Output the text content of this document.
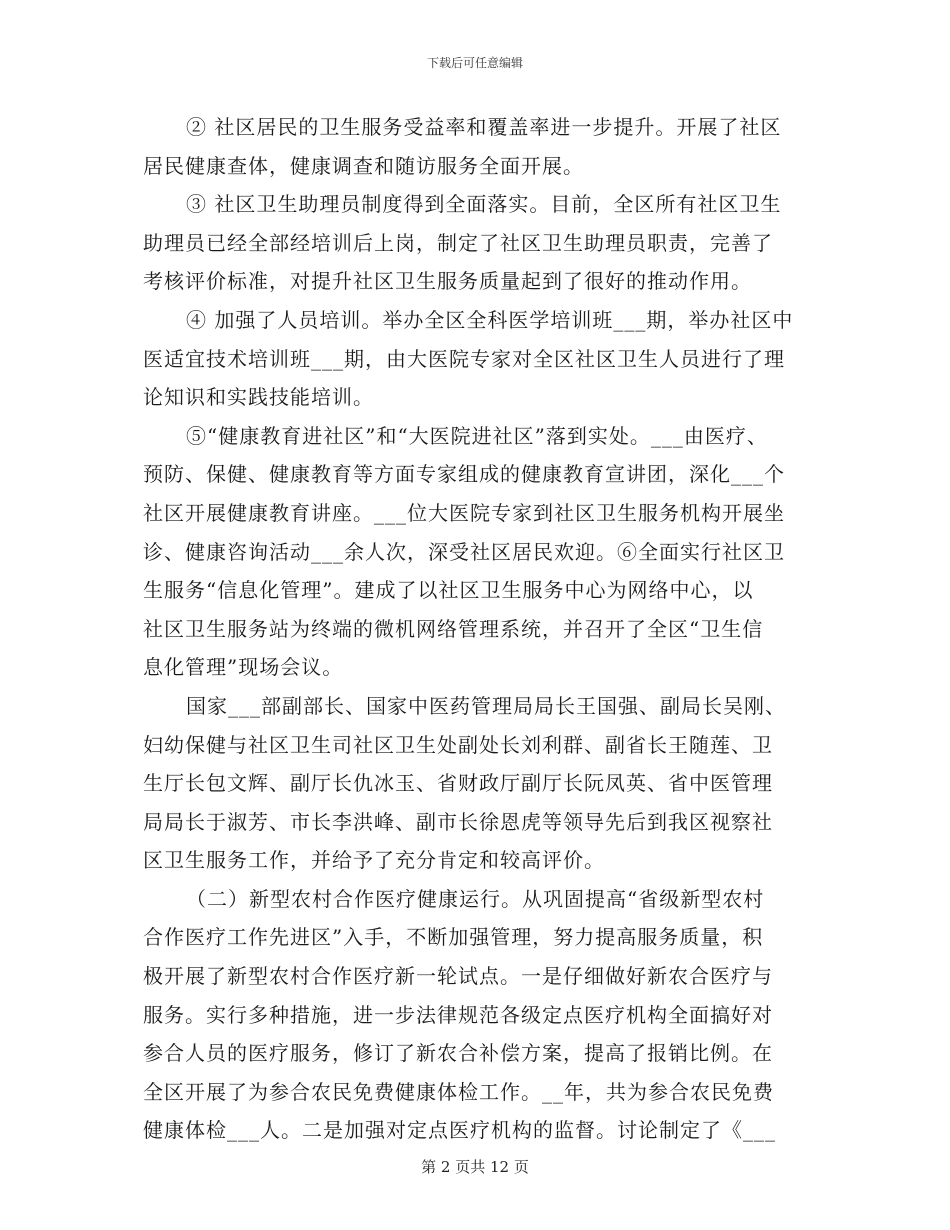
下载后可任意编辑
② 社区居民的卫生服务受益率和覆盖率进一步提升。开展了社区
居民健康查体，健康调查和随访服务全面开展。
③ 社区卫生助理员制度得到全面落实。目前，全区所有社区卫生
助理员已经全部经培训后上岗，制定了社区卫生助理员职责，完善了
考核评价标准，对提升社区卫生服务质量起到了很好的推动作用。
④ 加强了人员培训。举办全区全科医学培训班___期，举办社区中
医适宜技术培训班___期，由大医院专家对全区社区卫生人员进行了理
论知识和实践技能培训。
⑤“健康教育进社区”和“大医院进社区”落到实处。___由医疗、
预防、保健、健康教育等方面专家组成的健康教育宣讲团，深化___个
社区开展健康教育讲座。___位大医院专家到社区卫生服务机构开展坐
诊、健康咨询活动___余人次，深受社区居民欢迎。⑥全面实行社区卫
生服务“信息化管理”。建成了以社区卫生服务中心为网络中心，以
社区卫生服务站为终端的微机网络管理系统，并召开了全区“卫生信
息化管理”现场会议。
国家___部副部长、国家中医药管理局局长王国强、副局长吴刚、
妇幼保健与社区卫生司社区卫生处副处长刘利群、副省长王随莲、卫
生厅长包文辉、副厅长仇冰玉、省财政厅副厅长阮凤英、省中医管理
局局长于淑芳、市长李洪峰、副市长徐恩虎等领导先后到我区视察社
区卫生服务工作，并给予了充分肯定和较高评价。
（二）新型农村合作医疗健康运行。从巩固提高“省级新型农村
合作医疗工作先进区”入手，不断加强管理，努力提高服务质量，积
极开展了新型农村合作医疗新一轮试点。一是仔细做好新农合医疗与
服务。实行多种措施，进一步法律规范各级定点医疗机构全面搞好对
参合人员的医疗服务，修订了新农合补偿方案，提高了报销比例。在
全区开展了为参合农民免费健康体检工作。__年，共为参合农民免费
健康体检___人。二是加强对定点医疗机构的监督。讨论制定了《___
第 2 页共 12 页
